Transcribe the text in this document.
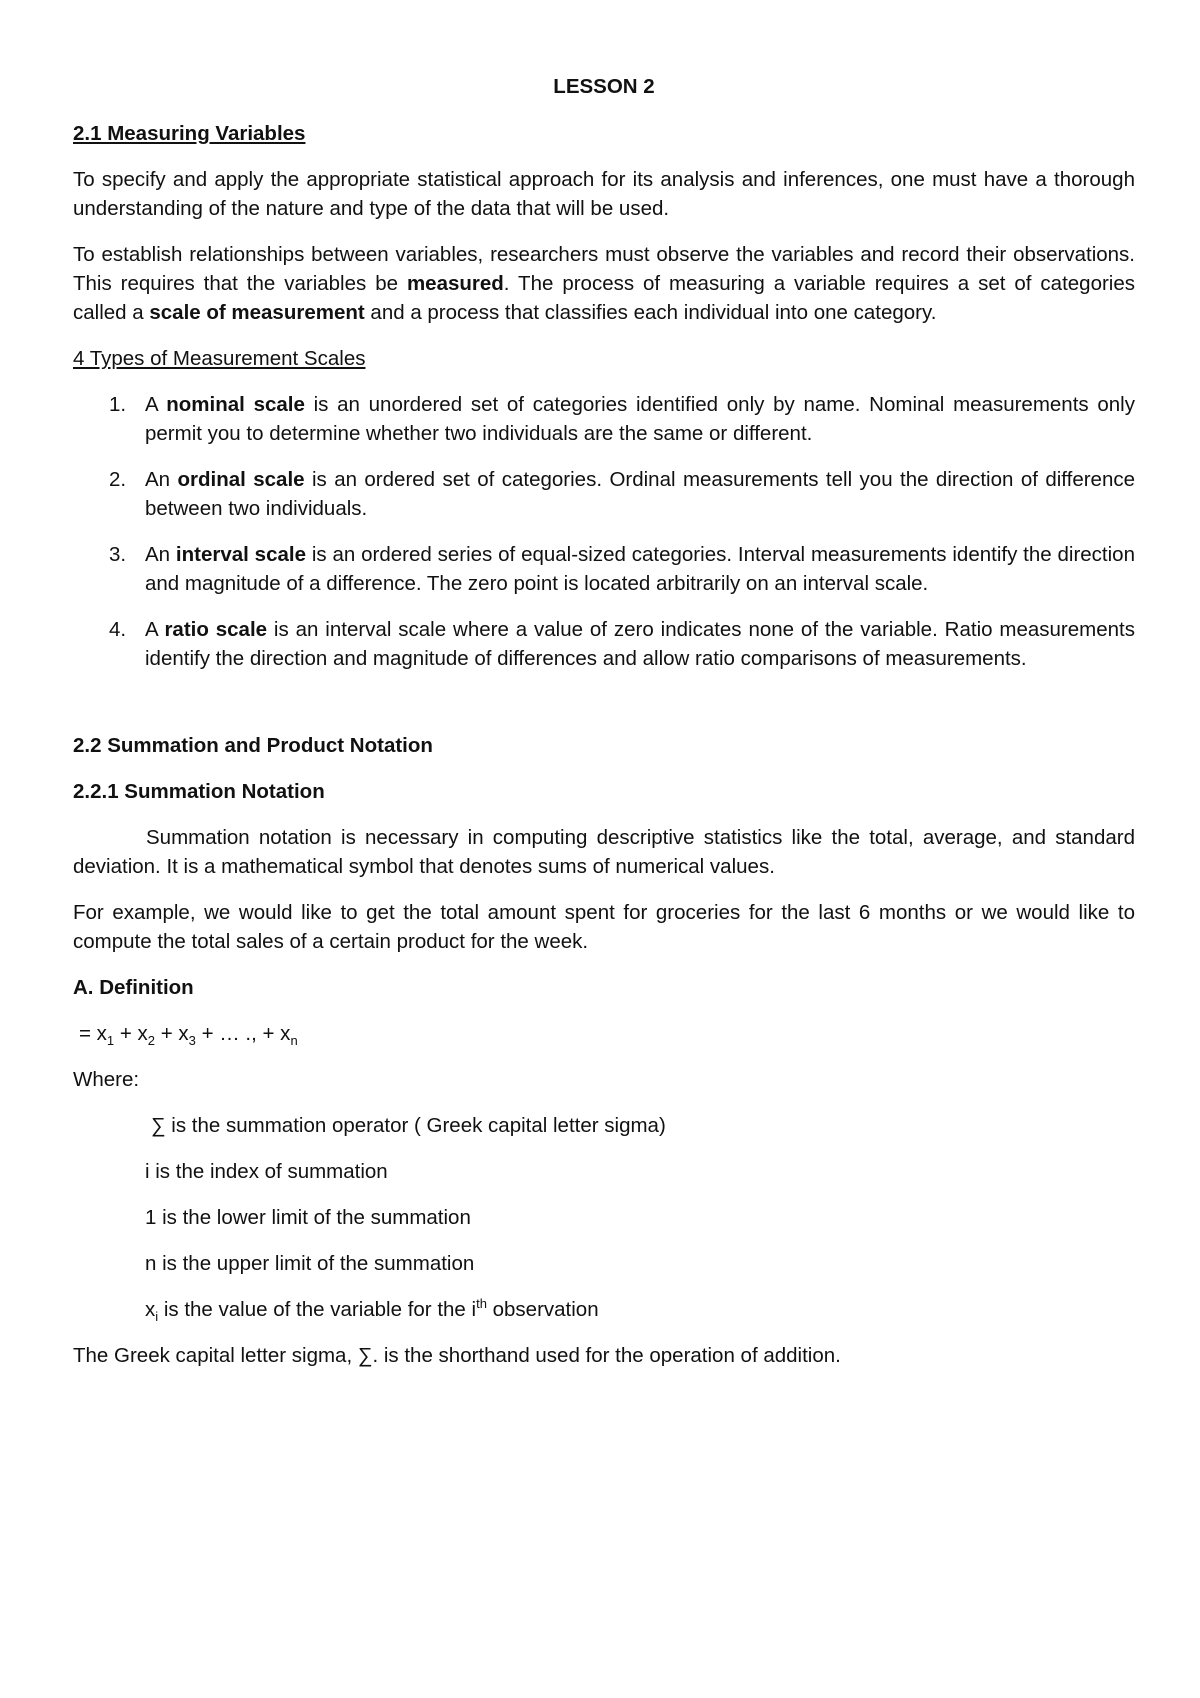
LESSON 2
2.1 Measuring Variables

To specify and apply the appropriate statistical approach for its analysis and inferences, one must have a thorough understanding of the nature and type of the data that will be used.

To establish relationships between variables, researchers must observe the variables and record their observations. This requires that the variables be measured. The process of measuring a variable requires a set of categories called a scale of measurement and a process that classifies each individual into one category.

4 Types of Measurement Scales

1. A nominal scale is an unordered set of categories identified only by name. Nominal measurements only permit you to determine whether two individuals are the same or different.
2. An ordinal scale is an ordered set of categories. Ordinal measurements tell you the direction of difference between two individuals.
3. An interval scale is an ordered series of equal-sized categories. Interval measurements identify the direction and magnitude of a difference. The zero point is located arbitrarily on an interval scale.
4. A ratio scale is an interval scale where a value of zero indicates none of the variable. Ratio measurements identify the direction and magnitude of differences and allow ratio comparisons of measurements.
2.2 Summation and Product Notation
2.2.1 Summation Notation

Summation notation is necessary in computing descriptive statistics like the total, average, and standard deviation. It is a mathematical symbol that denotes sums of numerical values.

For example, we would like to get the total amount spent for groceries for the last 6 months or we would like to compute the total sales of a certain product for the week.

A. Definition
= $x_1 + x_2 + x_3$ + … ., + $x_n$

Where:

∑ is the summation operator ( Greek capital letter sigma)
i is the index of summation
1 is the lower limit of the summation
n is the upper limit of the summation
$x_i$ is the value of the variable for the $i^{th}$ observation

The Greek capital letter sigma, ∑. is the shorthand used for the operation of addition.
